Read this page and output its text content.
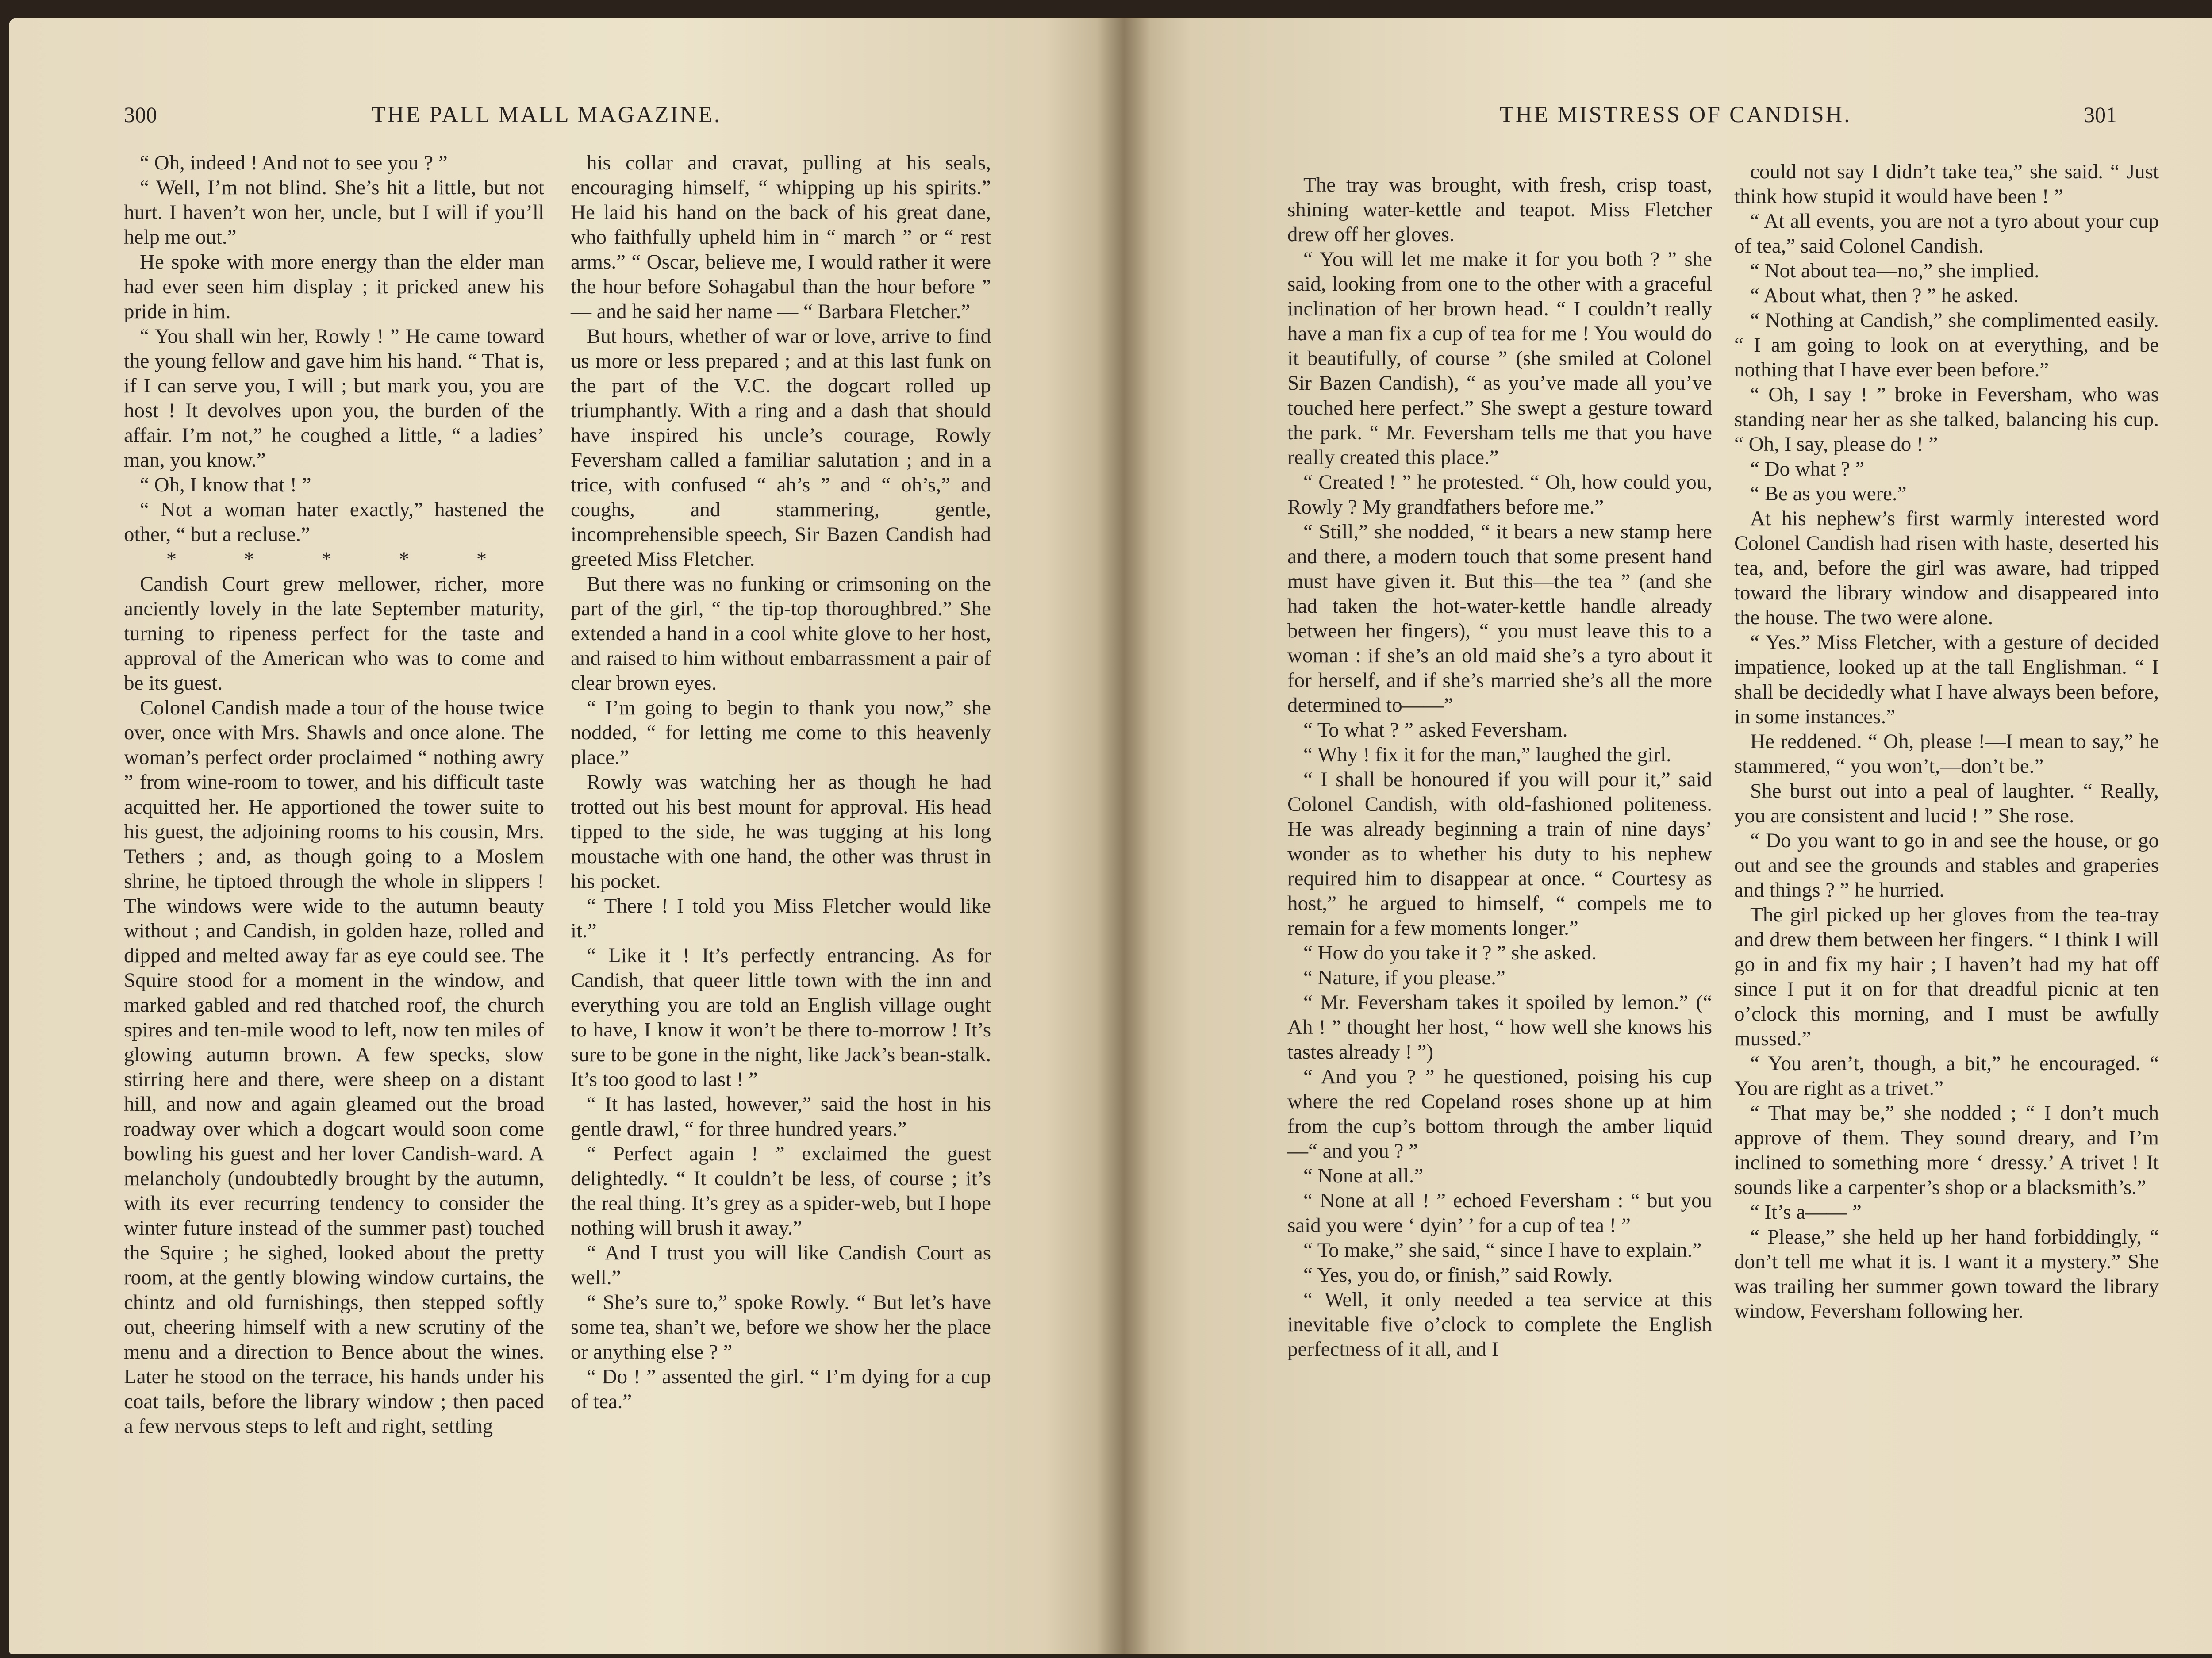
300	THE PALL MALL MAGAZINE.

“ Oh, indeed ! And not to see you ? ”

“ Well, I’m not blind. She’s hit a little, but not hurt. I haven’t won her, uncle, but I will if you’ll help me out.”

He spoke with more energy than the elder man had ever seen him display ; it pricked anew his pride in him.

“ You shall win her, Rowly ! ” He came toward the young fellow and gave him his hand. “ That is, if I can serve you, I will ; but mark you, you are host ! It devolves upon you, the burden of the affair. I’m not,” he coughed a little, “ a ladies’ man, you know.”

“ Oh, I know that ! ”

“ Not a woman hater exactly,” hastened the other, “ but a recluse.”

* * * * *

Candish Court grew mellower, richer, more anciently lovely in the late September maturity, turning to ripeness perfect for the taste and approval of the American who was to come and be its guest.

Colonel Candish made a tour of the house twice over, once with Mrs. Shawls and once alone. The woman’s perfect order proclaimed “ nothing awry ” from wine-room to tower, and his difficult taste acquitted her. He apportioned the tower suite to his guest, the adjoining rooms to his cousin, Mrs. Tethers ; and, as though going to a Moslem shrine, he tiptoed through the whole in slippers ! The windows were wide to the autumn beauty without ; and Candish, in golden haze, rolled and dipped and melted away far as eye could see. The Squire stood for a moment in the window, and marked gabled and red thatched roof, the church spires and ten-mile wood to left, now ten miles of glowing autumn brown. A few specks, slow stirring here and there, were sheep on a distant hill, and now and again gleamed out the broad roadway over which a dogcart would soon come bowling his guest and her lover Candish-ward. A melancholy (undoubtedly brought by the autumn, with its ever recurring tendency to consider the winter future instead of the summer past) touched the Squire ; he sighed, looked about the pretty room, at the gently blowing window curtains, the chintz and old furnishings, then stepped softly out, cheering himself with a new scrutiny of the menu and a direction to Bence about the wines. Later he stood on the terrace, his hands under his coat tails, before the library window ; then paced a few nervous steps to left and right, settling

his collar and cravat, pulling at his seals, encouraging himself, “ whipping up his spirits.” He laid his hand on the back of his great dane, who faithfully upheld him in “ march ” or “ rest arms.” “ Oscar, believe me, I would rather it were the hour before Sohagabul than the hour before ” — and he said her name — “ Barbara Fletcher.”

But hours, whether of war or love, arrive to find us more or less prepared ; and at this last funk on the part of the V.C. the dogcart rolled up triumphantly. With a ring and a dash that should have inspired his uncle’s courage, Rowly Feversham called a familiar salutation ; and in a trice, with confused “ ah’s ” and “ oh’s,” and coughs, and stammering, gentle, incomprehensible speech, Sir Bazen Candish had greeted Miss Fletcher.

But there was no funking or crimsoning on the part of the girl, “ the tip-top thoroughbred.” She extended a hand in a cool white glove to her host, and raised to him without embarrassment a pair of clear brown eyes.

“ I’m going to begin to thank you now,” she nodded, “ for letting me come to this heavenly place.”

Rowly was watching her as though he had trotted out his best mount for approval. His head tipped to the side, he was tugging at his long moustache with one hand, the other was thrust in his pocket.

“ There ! I told you Miss Fletcher would like it.”

“ Like it ! It’s perfectly entrancing. As for Candish, that queer little town with the inn and everything you are told an English village ought to have, I know it won’t be there to-morrow ! It’s sure to be gone in the night, like Jack’s bean-stalk. It’s too good to last ! ”

“ It has lasted, however,” said the host in his gentle drawl, “ for three hundred years.”

“ Perfect again ! ” exclaimed the guest delightedly. “ It couldn’t be less, of course ; it’s the real thing. It’s grey as a spider-web, but I hope nothing will brush it away.”

“ And I trust you will like Candish Court as well.”

“ She’s sure to,” spoke Rowly. “ But let’s have some tea, shan’t we, before we show her the place or anything else ? ”

“ Do ! ” assented the girl. “ I’m dying for a cup of tea.”

THE MISTRESS OF CANDISH.	301

The tray was brought, with fresh, crisp toast, shining water-kettle and teapot. Miss Fletcher drew off her gloves.

“ You will let me make it for you both ? ” she said, looking from one to the other with a graceful inclination of her brown head. “ I couldn’t really have a man fix a cup of tea for me ! You would do it beautifully, of course ” (she smiled at Colonel Sir Bazen Candish), “ as you’ve made all you’ve touched here perfect.” She swept a gesture toward the park. “ Mr. Feversham tells me that you have really created this place.”

“ Created ! ” he protested. “ Oh, how could you, Rowly ? My grandfathers before me.”

“ Still,” she nodded, “ it bears a new stamp here and there, a modern touch that some present hand must have given it. But this—the tea ” (and she had taken the hot-water-kettle handle already between her fingers), “ you must leave this to a woman : if she’s an old maid she’s a tyro about it for herself, and if she’s married she’s all the more determined to——”

“ To what ? ” asked Feversham.

“ Why ! fix it for the man,” laughed the girl.

“ I shall be honoured if you will pour it,” said Colonel Candish, with old-fashioned politeness. He was already beginning a train of nine days’ wonder as to whether his duty to his nephew required him to disappear at once. “ Courtesy as host,” he argued to himself, “ compels me to remain for a few moments longer.”

“ How do you take it ? ” she asked.

“ Nature, if you please.”

“ Mr. Feversham takes it spoiled by lemon.” (“ Ah ! ” thought her host, “ how well she knows his tastes already ! ”)

“ And you ? ” he questioned, poising his cup where the red Copeland roses shone up at him from the cup’s bottom through the amber liquid—“ and you ? ”

“ None at all.”

“ None at all ! ” echoed Feversham : “ but you said you were ‘ dyin’ ’ for a cup of tea ! ”

“ To make,” she said, “ since I have to explain.”

“ Yes, you do, or finish,” said Rowly.

“ Well, it only needed a tea service at this inevitable five o’clock to complete the English perfectness of it all, and I

could not say I didn’t take tea,” she said. “ Just think how stupid it would have been ! ”

“ At all events, you are not a tyro about your cup of tea,” said Colonel Candish.

“ Not about tea—no,” she implied.

“ About what, then ? ” he asked.

“ Nothing at Candish,” she complimented easily. “ I am going to look on at everything, and be nothing that I have ever been before.”

“ Oh, I say ! ” broke in Feversham, who was standing near her as she talked, balancing his cup. “ Oh, I say, please do ! ”

“ Do what ? ”

“ Be as you were.”

At his nephew’s first warmly interested word Colonel Candish had risen with haste, deserted his tea, and, before the girl was aware, had tripped toward the library window and disappeared into the house. The two were alone.

“ Yes.” Miss Fletcher, with a gesture of decided impatience, looked up at the tall Englishman. “ I shall be decidedly what I have always been before, in some instances.”

He reddened. “ Oh, please !—I mean to say,” he stammered, “ you won’t,—don’t be.”

She burst out into a peal of laughter. “ Really, you are consistent and lucid ! ” She rose.

“ Do you want to go in and see the house, or go out and see the grounds and stables and graperies and things ? ” he hurried.

The girl picked up her gloves from the tea-tray and drew them between her fingers. “ I think I will go in and fix my hair ; I haven’t had my hat off since I put it on for that dreadful picnic at ten o’clock this morning, and I must be awfully mussed.”

“ You aren’t, though, a bit,” he encouraged. “ You are right as a trivet.”

“ That may be,” she nodded ; “ I don’t much approve of them. They sound dreary, and I’m inclined to something more ‘ dressy.’ A trivet ! It sounds like a carpenter’s shop or a blacksmith’s.”

“ It’s a—— ”

“ Please,” she held up her hand forbiddingly, “ don’t tell me what it is. I want it a mystery.” She was trailing her summer gown toward the library window, Feversham following her.
